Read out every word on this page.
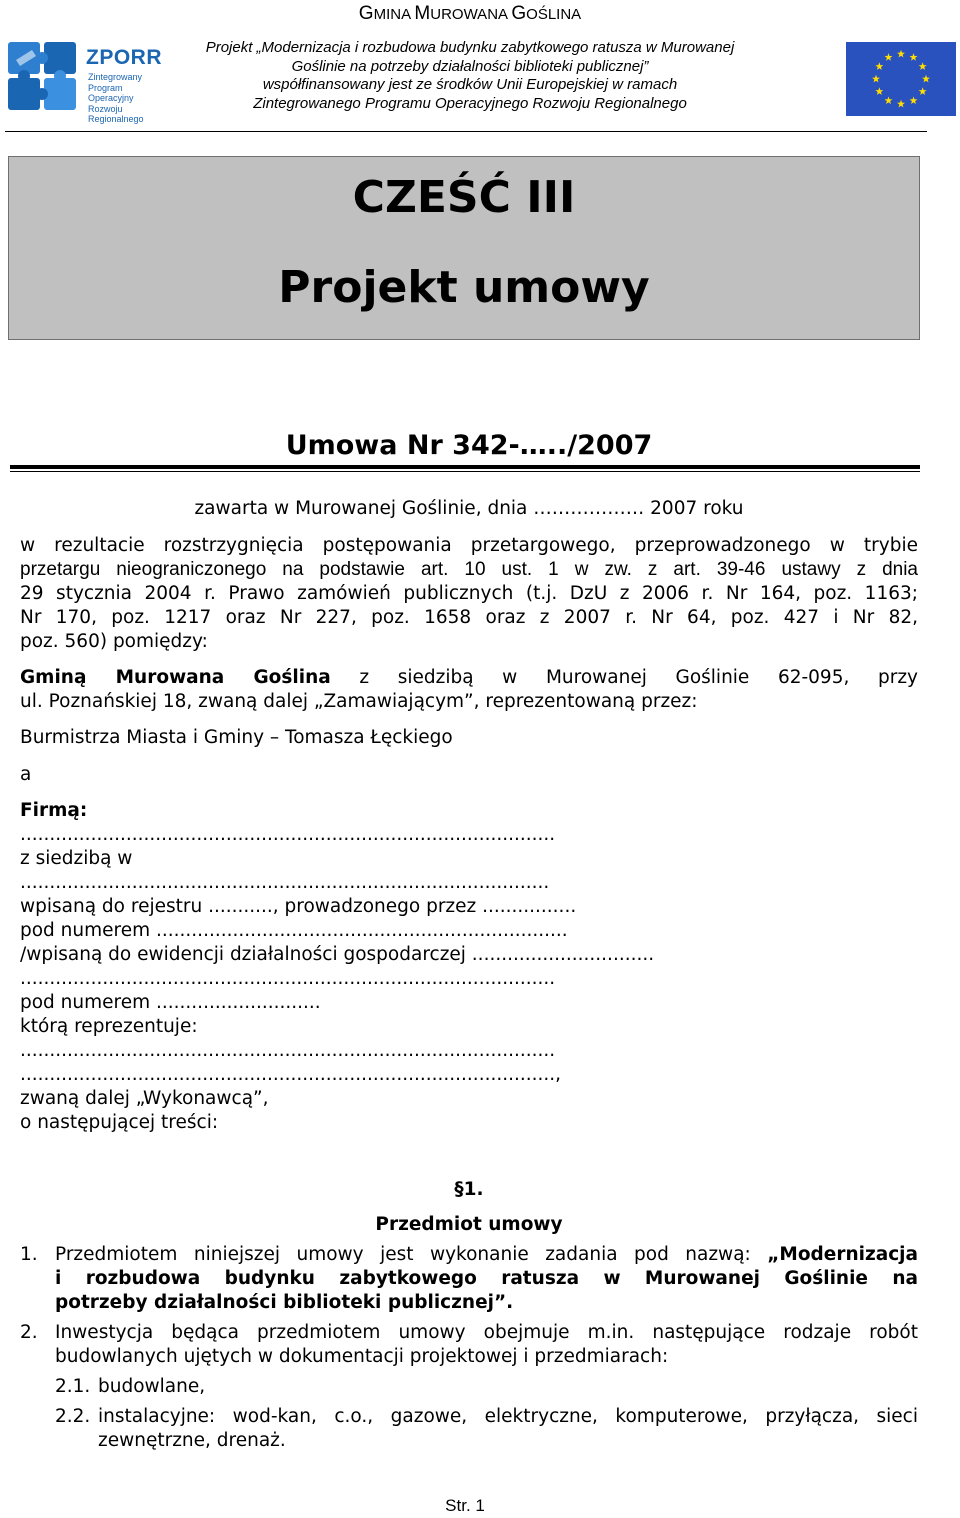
GMINA MUROWANA GOŚLINA
Projekt „Modernizacja i rozbudowa budynku zabytkowego ratusza w Murowanej
Goślinie na potrzeby działalności biblioteki publicznej”
współfinansowany jest ze środków Unii Europejskiej w ramach
Zintegrowanego Programu Operacyjnego Rozwoju Regionalnego
ZPORR
Zintegrowany Program
Operacyjny
Rozwoju Regionalnego
CZEŚĆ III
Projekt umowy
Umowa Nr 342-…../2007
zawarta w Murowanej Goślinie, dnia ……………… 2007 roku
w rezultacie rozstrzygnięcia postępowania przetargowego, przeprowadzonego w trybie
przetargu nieograniczonego na podstawie art. 10 ust. 1 w zw. z art. 39-46 ustawy z dnia
29 stycznia 2004 r. Prawo zamówień publicznych (t.j. DzU z 2006 r. Nr 164, poz. 1163;
Nr 170, poz. 1217 oraz Nr 227, poz. 1658 oraz z 2007 r. Nr 64, poz. 427 i Nr 82,
poz. 560) pomiędzy:
Gminą Murowana Goślina z siedzibą w Murowanej Goślinie 62-095, przy
ul. Poznańskiej 18, zwaną dalej „Zamawiającym”, reprezentowaną przez:
Burmistrza Miasta i Gminy – Tomasza Łęckiego
a
Firmą:
...........................................................................................
z siedzibą w
..........................................................................................
wpisaną do rejestru ..........., prowadzonego przez ................
pod numerem ......................................................................
/wpisaną do ewidencji działalności gospodarczej ...............................
...........................................................................................
pod numerem ............................
którą reprezentuje:
...........................................................................................
...........................................................................................,
zwaną dalej „Wykonawcą”,
o następującej treści:
§1.
Przedmiot umowy
1. Przedmiotem niniejszej umowy jest wykonanie zadania pod nazwą: „Modernizacja
i rozbudowa budynku zabytkowego ratusza w Murowanej Goślinie na
potrzeby działalności biblioteki publicznej”.
2. Inwestycja będąca przedmiotem umowy obejmuje m.in. następujące rodzaje robót
budowlanych ujętych w dokumentacji projektowej i przedmiarach:
2.1. budowlane,
2.2. instalacyjne: wod-kan, c.o., gazowe, elektryczne, komputerowe, przyłącza, sieci
zewnętrzne, drenaż.
Str. 1
